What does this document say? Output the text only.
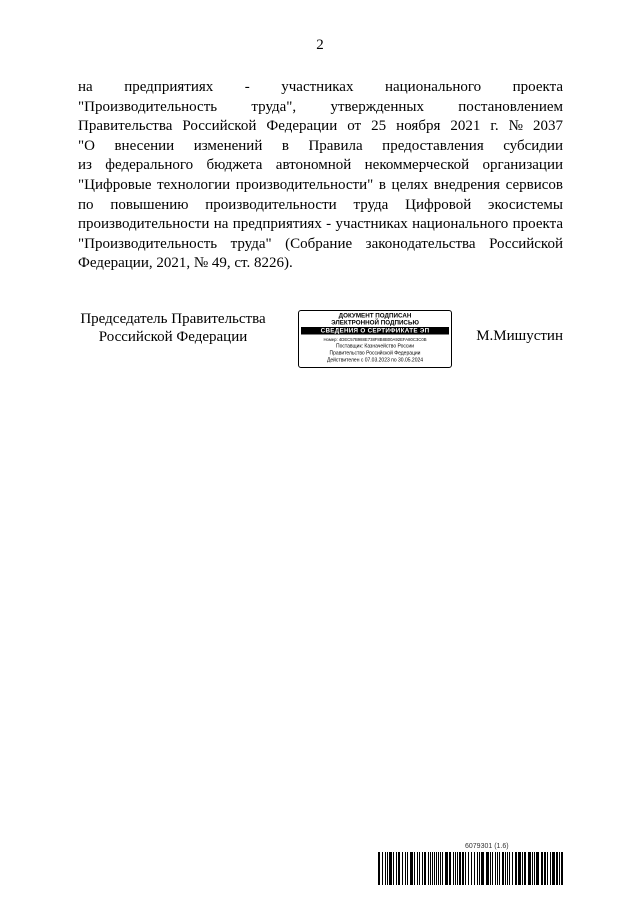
2
на предприятиях - участниках национального проекта
"Производительность труда", утвержденных постановлением
Правительства Российской Федерации от 25 ноября 2021 г. № 2037
"О внесении изменений в Правила предоставления субсидии
из федерального бюджета автономной некоммерческой организации
"Цифровые технологии производительности" в целях внедрения сервисов
по повышению производительности труда Цифровой экосистемы
производительности на предприятиях - участниках национального проекта
"Производительность труда" (Собрание законодательства Российской
Федерации, 2021, № 49, ст. 8226).
Председатель Правительства
Российской Федерации
ДОКУМЕНТ ПОДПИСАН
ЭЛЕКТРОННОЙ ПОДПИСЬЮ
СВЕДЕНИЯ О СЕРТИФИКАТЕ ЭП
Номер: 4DEC57B988E738F8B8B00A92EFA80C3C0B
Поставщик: Казначейство России
Правительство Российской Федерации
Действителен с 07.03.2023 по 30.05.2024
М.Мишустин
6079301 (1.6)
